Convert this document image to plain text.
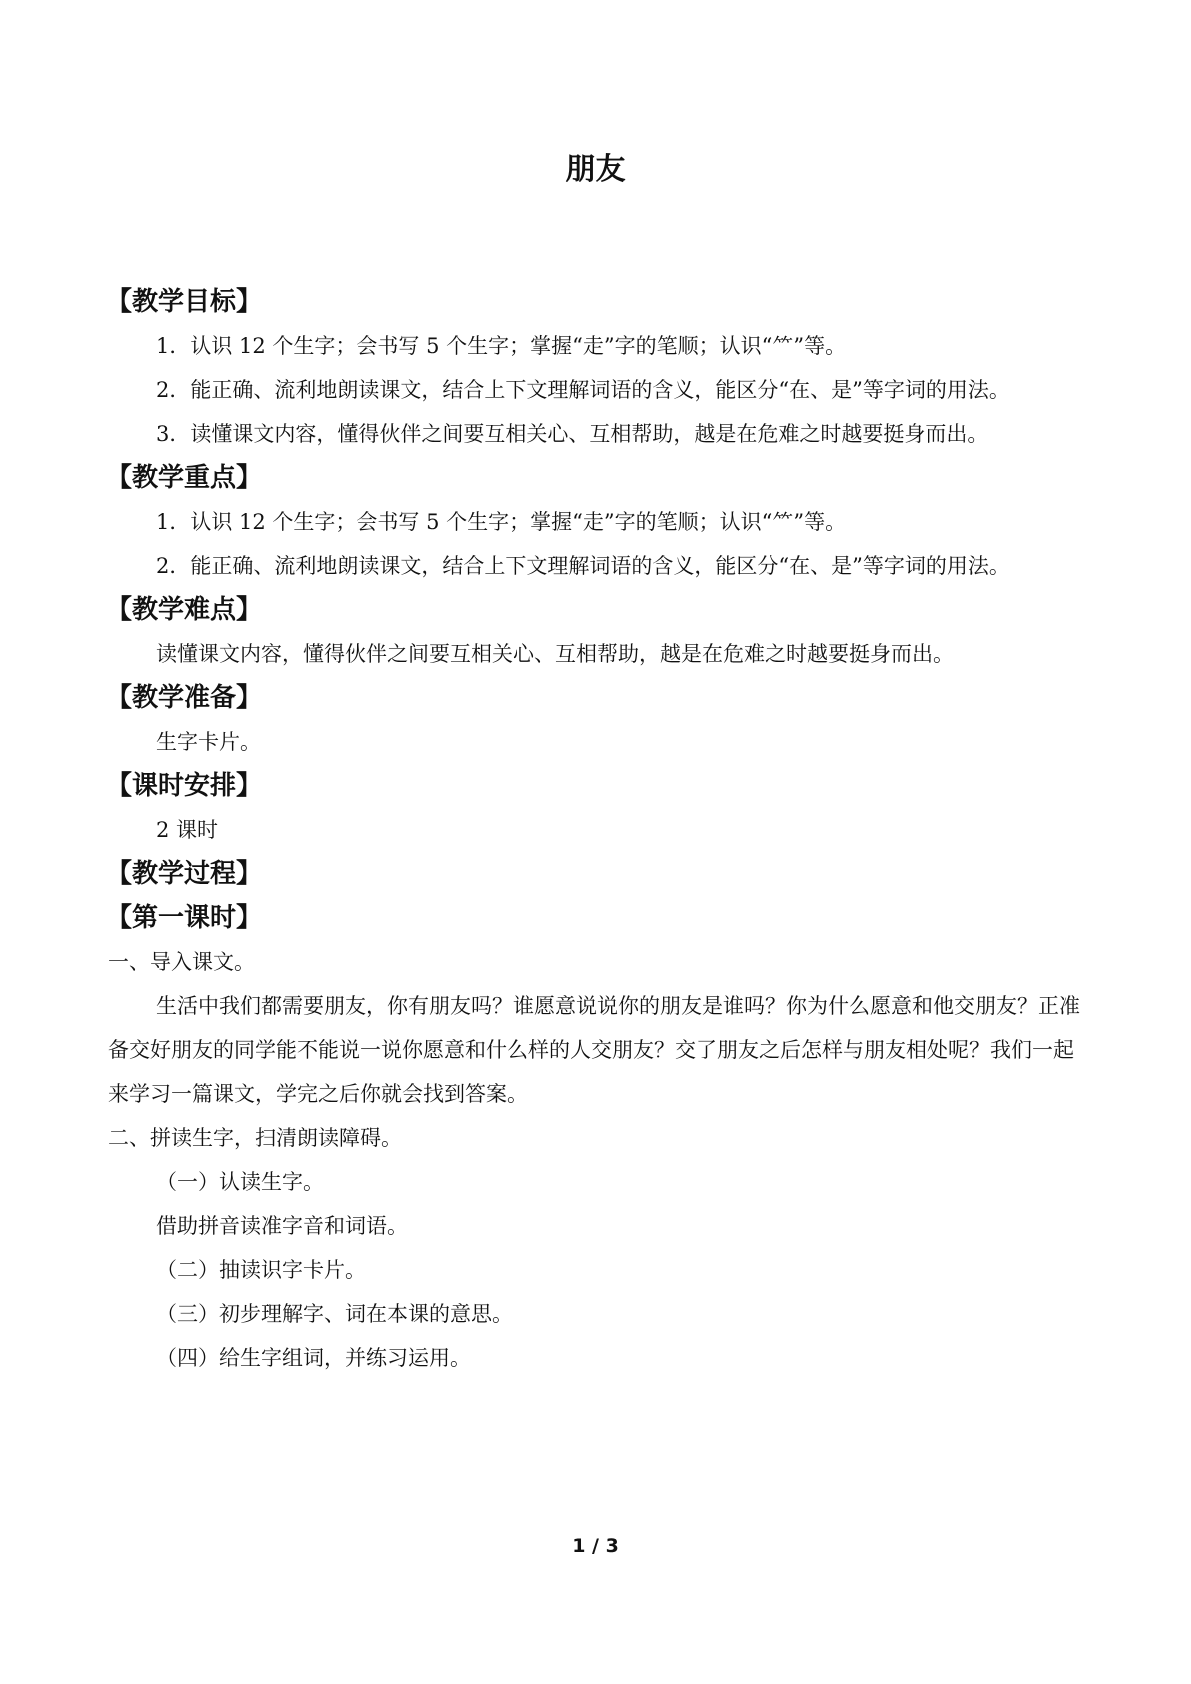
朋友
【教学目标】
1．认识 12 个生字；会书写 5 个生字；掌握“走”字的笔顺；认识“⺮”等。
2．能正确、流利地朗读课文，结合上下文理解词语的含义，能区分“在、是”等字词的用法。
3．读懂课文内容，懂得伙伴之间要互相关心、互相帮助，越是在危难之时越要挺身而出。
【教学重点】
1．认识 12 个生字；会书写 5 个生字；掌握“走”字的笔顺；认识“⺮”等。
2．能正确、流利地朗读课文，结合上下文理解词语的含义，能区分“在、是”等字词的用法。
【教学难点】
读懂课文内容，懂得伙伴之间要互相关心、互相帮助，越是在危难之时越要挺身而出。
【教学准备】
生字卡片。
【课时安排】
2 课时
【教学过程】
【第一课时】
一、导入课文。
生活中我们都需要朋友，你有朋友吗？谁愿意说说你的朋友是谁吗？你为什么愿意和他交朋友？正准备交好朋友的同学能不能说一说你愿意和什么样的人交朋友？交了朋友之后怎样与朋友相处呢？我们一起来学习一篇课文，学完之后你就会找到答案。
二、拼读生字，扫清朗读障碍。
（一）认读生字。
借助拼音读准字音和词语。
（二）抽读识字卡片。
（三）初步理解字、词在本课的意思。
（四）给生字组词，并练习运用。
1 / 3
